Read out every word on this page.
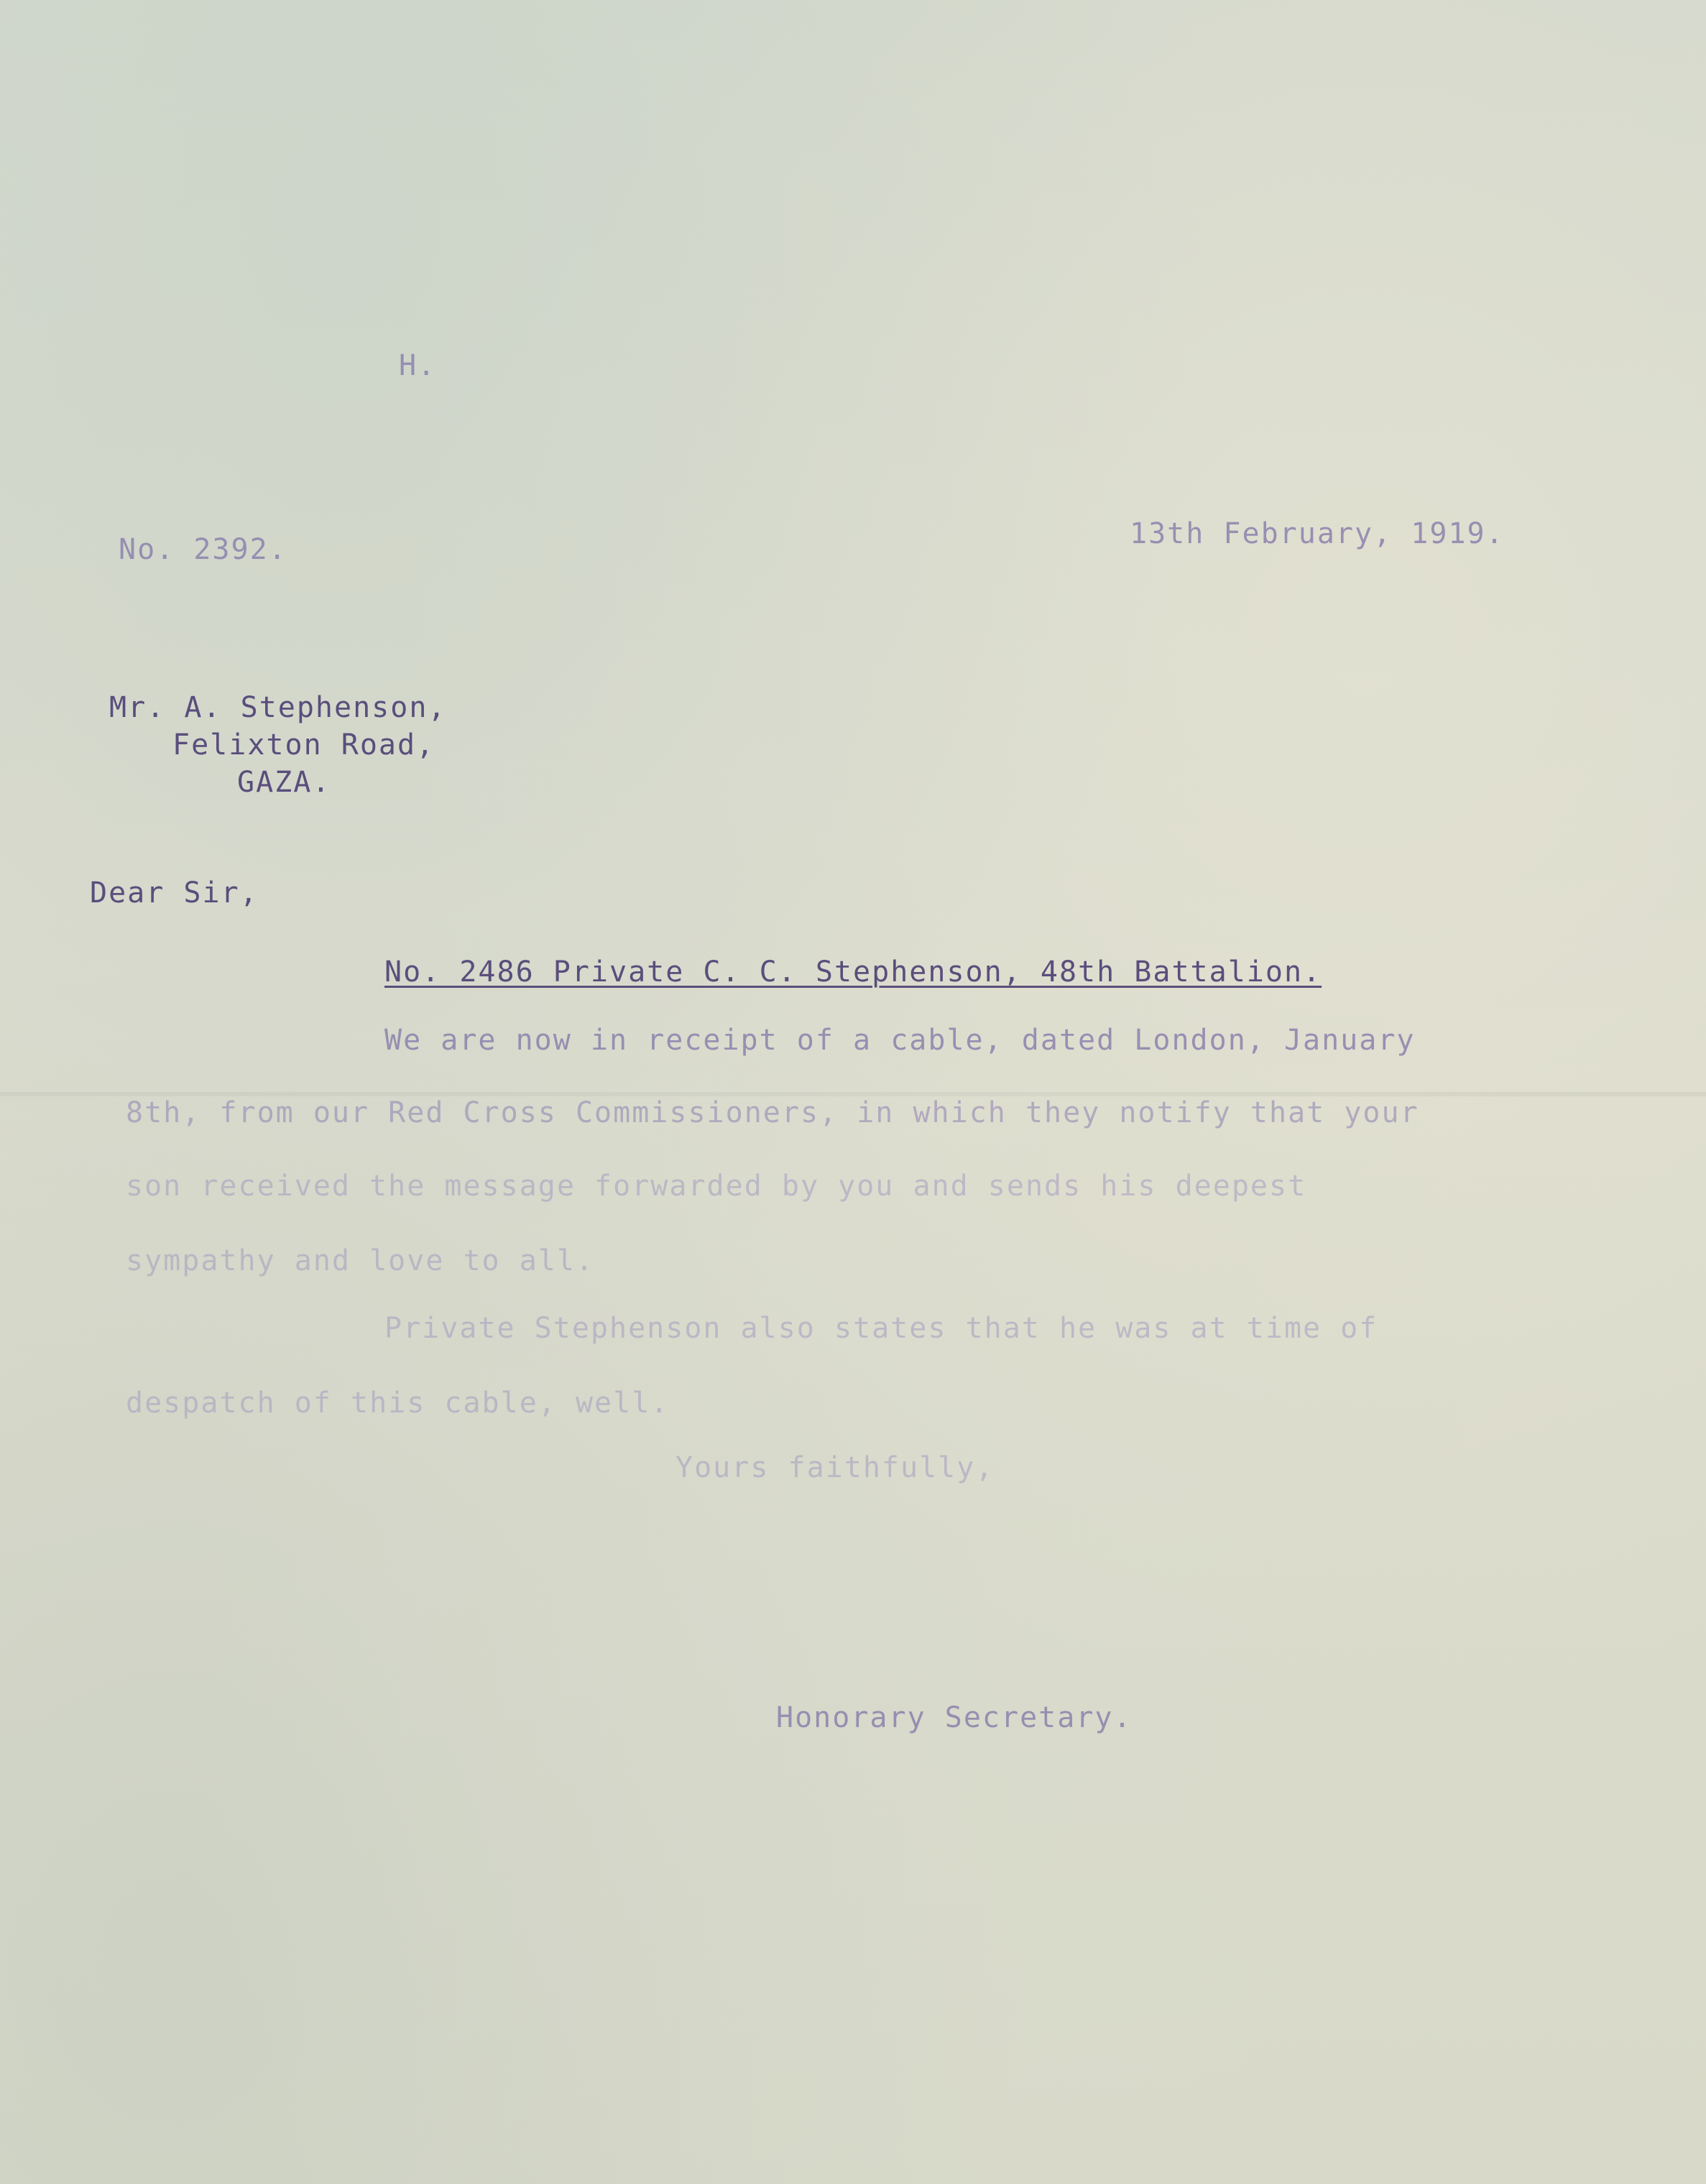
H.
No. 2392.	13th February, 1919.
Mr. A. Stephenson,
Felixton Road,
GAZA.
Dear Sir,
No. 2486 Private C. C. Stephenson, 48th Battalion.
We are now in receipt of a cable, dated London, January
8th, from our Red Cross Commissioners, in which they notify that your
son received the message forwarded by you and sends his deepest
sympathy and love to all.
Private Stephenson also states that he was at time of
despatch of this cable, well.
Yours faithfully,
Honorary Secretary.
